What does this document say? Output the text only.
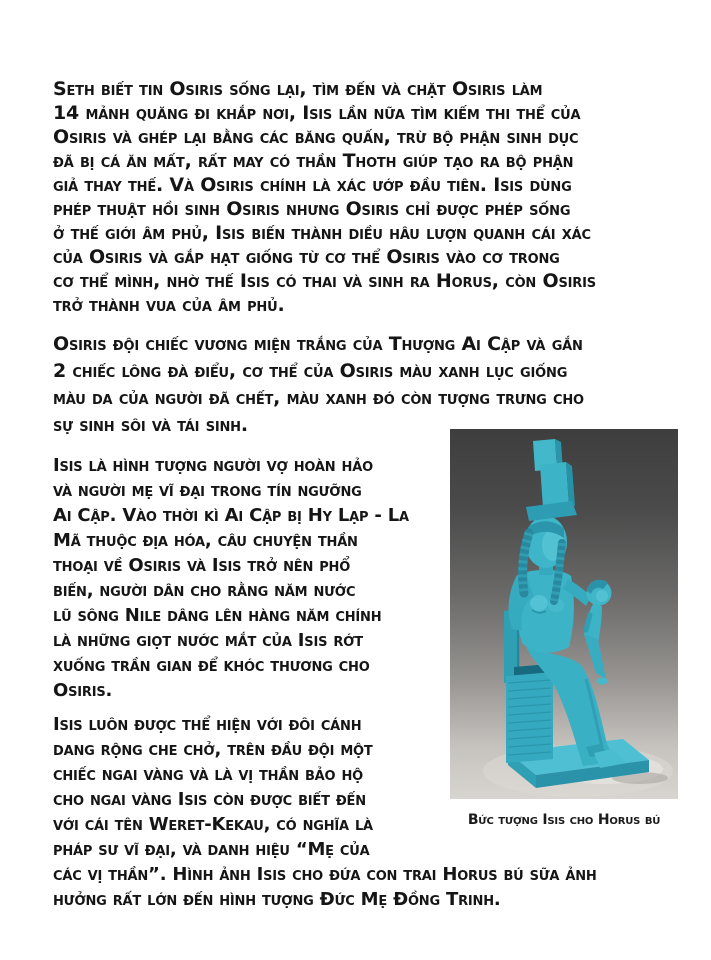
Seth biết tin Osiris sống lại, tìm đến và chặt Osiris làm
14 mảnh quăng đi khắp nơi, Isis lần nữa tìm kiếm thi thể của
Osiris và ghép lại bằng các băng quấn, trừ bộ phận sinh dục
đã bị cá ăn mất, rất may có thần Thoth giúp tạo ra bộ phận
giả thay thế. Và Osiris chính là xác ướp đầu tiên. Isis dùng
phép thuật hồi sinh Osiris nhưng Osiris chỉ được phép sống
ở thế giới âm phủ, Isis biến thành diều hâu lượn quanh cái xác
của Osiris và gắp hạt giống từ cơ thể Osiris vào cơ trong
cơ thể mình, nhờ thế Isis có thai và sinh ra Horus, còn Osiris
trở thành vua của âm phủ.
Osiris đội chiếc vương miện trắng của Thượng Ai Cập và gắn
2 chiếc lông đà điểu, cơ thể của Osiris màu xanh lục giống
màu da của người đã chết, màu xanh đó còn tượng trưng cho
sự sinh sôi và tái sinh.
Isis là hình tượng người vợ hoàn hảo
và người mẹ vĩ đại trong tín ngưỡng
Ai Cập. Vào thời kì Ai Cập bị Hy Lạp - La
Mã thuộc địa hóa, câu chuyện thần
thoại về Osiris và Isis trở nên phổ
biến, người dân cho rằng năm nước
lũ sông Nile dâng lên hàng năm chính
là những giọt nước mắt của Isis rớt
xuống trần gian để khóc thương cho
Osiris.
Isis luôn được thể hiện với đôi cánh
dang rộng che chở, trên đầu đội một
chiếc ngai vàng và là vị thần bảo hộ
cho ngai vàng Isis còn được biết đến
với cái tên Weret-Kekau, có nghĩa là
pháp sư vĩ đại, và danh hiệu “Mẹ của
các vị thần”. Hình ảnh Isis cho đứa con trai Horus bú sữa ảnh
hưởng rất lớn đến hình tượng Đức Mẹ Đồng Trinh.
Bức tượng Isis cho Horus bú
